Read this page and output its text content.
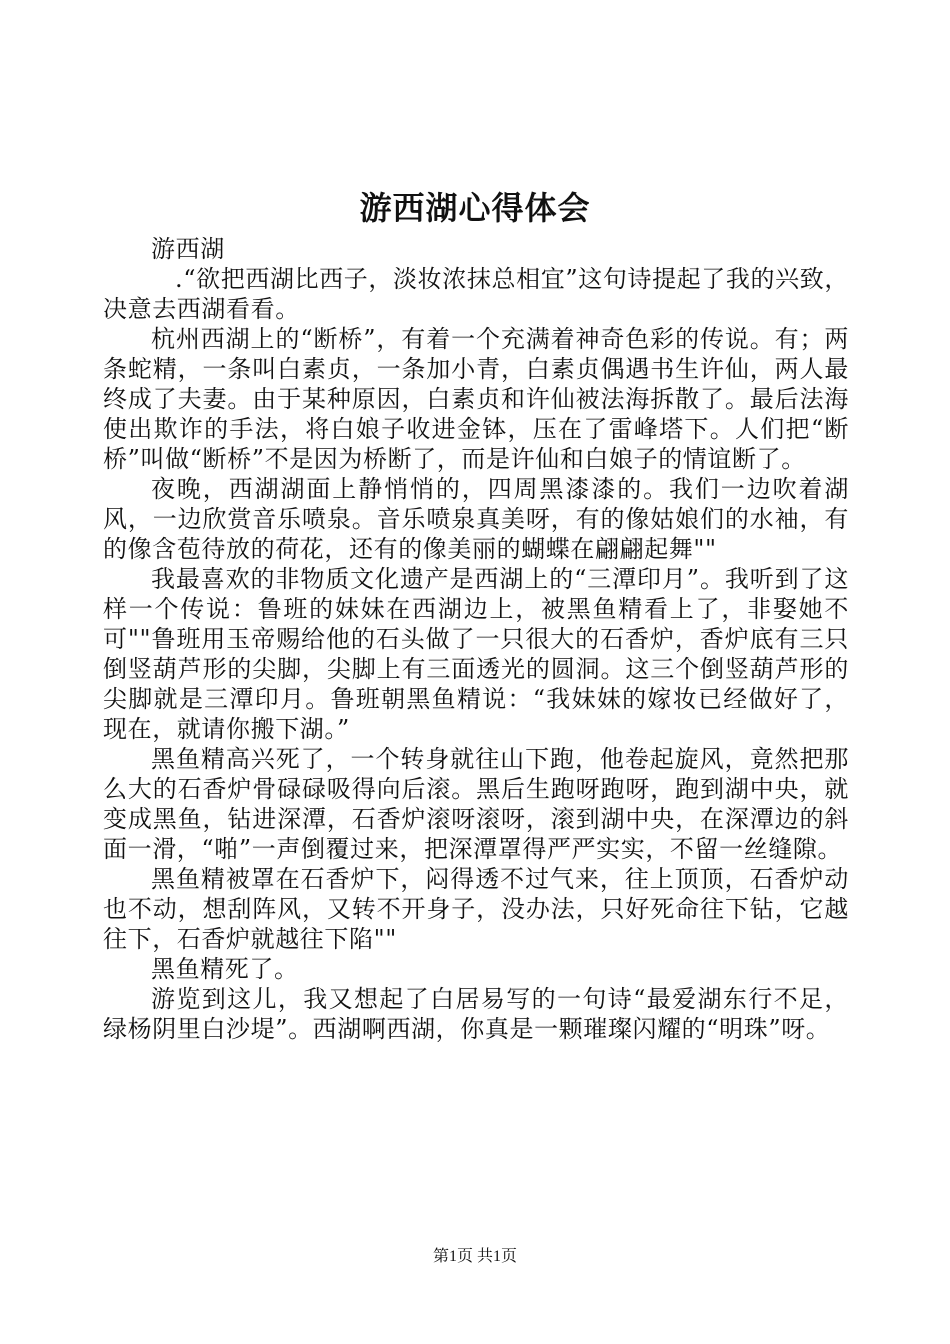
游西湖心得体会

游西湖

.“欲把西湖比西子，淡妆浓抹总相宜”这句诗提起了我的兴致，决意去西湖看看。

杭州西湖上的“断桥”，有着一个充满着神奇色彩的传说。有；两条蛇精，一条叫白素贞，一条加小青，白素贞偶遇书生许仙，两人最终成了夫妻。由于某种原因，白素贞和许仙被法海拆散了。最后法海使出欺诈的手法，将白娘子收进金钵，压在了雷峰塔下。人们把“断桥”叫做“断桥”不是因为桥断了，而是许仙和白娘子的情谊断了。

夜晚，西湖湖面上静悄悄的，四周黑漆漆的。我们一边吹着湖风，一边欣赏音乐喷泉。音乐喷泉真美呀，有的像姑娘们的水袖，有的像含苞待放的荷花，还有的像美丽的蝴蝶在翩翩起舞""

我最喜欢的非物质文化遗产是西湖上的“三潭印月”。我听到了这样一个传说：鲁班的妹妹在西湖边上，被黑鱼精看上了，非娶她不可""鲁班用玉帝赐给他的石头做了一只很大的石香炉，香炉底有三只倒竖葫芦形的尖脚，尖脚上有三面透光的圆洞。这三个倒竖葫芦形的尖脚就是三潭印月。鲁班朝黑鱼精说：“我妹妹的嫁妆已经做好了，现在，就请你搬下湖。”

黑鱼精高兴死了，一个转身就往山下跑，他卷起旋风，竟然把那么大的石香炉骨碌碌吸得向后滚。黑后生跑呀跑呀，跑到湖中央，就变成黑鱼，钻进深潭，石香炉滚呀滚呀，滚到湖中央，在深潭边的斜面一滑，“啪”一声倒覆过来，把深潭罩得严严实实，不留一丝缝隙。

黑鱼精被罩在石香炉下，闷得透不过气来，往上顶顶，石香炉动也不动，想刮阵风，又转不开身子，没办法，只好死命往下钻，它越往下，石香炉就越往下陷""

黑鱼精死了。

游览到这儿，我又想起了白居易写的一句诗“最爱湖东行不足，绿杨阴里白沙堤”。西湖啊西湖，你真是一颗璀璨闪耀的“明珠”呀。

第1页 共1页
